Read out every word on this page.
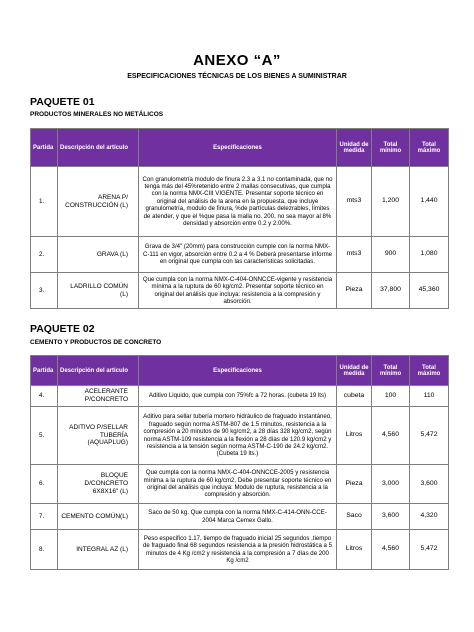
ANEXO “A”
ESPECIFICACIONES TÉCNICAS DE LOS BIENES A SUMINISTRAR
PAQUETE 01
PRODUCTOS MINERALES NO METÁLICOS
Partida	Descripción del artículo	Especificaciones	Unidad de medida	Total mínimo	Total máximo
1.	ARENA P/ CONSTRUCCIÓN (L)	Con granulometría modulo de finura 2.3 a 3.1 no contaminada, que no tenga más del 45%retenido entre 2 mallas consecutivas, que cumpla con la norma NMX-CIII VIGENTE. Presentar soporte técnico en original del análisis de la arena en la propuesta, que incluye granulometría, modulo de finura, %de partículas delezrables, límites de atender, y que el %que pasa la malla no. 200, no sea mayor al 8% densidad y absorción entre 0.2 y 2.00%.	mts3	1,200	1,440
2.	GRAVA (L)	Grava de 3/4" (20mm) para construcción cumple con la norma NMX-C-111 en vigor, absorción entre 0.2 a 4 % Deberá presentarse informe en original que cumpla con las características solicitadas.	mts3	900	1,080
3.	LADRILLO COMÚN (L)	Que cumpla con la norma NMX-C-404-ONNCCE-vigente y resistencia mínima a la ruptura de 60 kg/cm2. Presentar soporte técnico en original del análisis que incluya: resistencia a la compresión y absorción.	Pieza	37,800	45,360
PAQUETE 02
CEMENTO Y PRODUCTOS DE CONCRETO
Partida	Descripción del artículo	Especificaciones	Unidad de medida	Total mínimo	Total máximo
4.	ACELERANTE P/CONCRETO	Aditivo Liquido, que cumpla con 75%fc a 72 horas. (cubeta 19 lts)	cubeta	100	110
5.	ADITIVO P/SELLAR TUBERÍA (AQUAPLUG)	Aditivo para sellar tubería mortero hidráulico de fraguado instantáneo, fraguado según norma ASTM-807 de 1.5 minutos, resistencia a la compresión a 20 minutos de 90 kg/cm2, a 28 días 328 kg/cm2, según norma ASTM-109 resistencia a la flexión a 28 días de 120.9 kg/cm2 y resistencia a la tensión según norma ASTM-C-190 de 24.2 kg/cm2. (Cubeta 19 lts.)	Litros	4,560	5,472
6.	BLOQUE D/CONCRETO 6X8X16" (L)	Que cumpla con la norma NMX-C-404-ONNCCE-2005 y resistencia mínima a la ruptura de 60 kg/cm2. Debe presentar soporte técnico en original del análisis que incluya: Modulo de ruptura, resistencia a la compresión y absorción.	Pieza	3,000	3,600
7.	CEMENTO COMÚN(L)	Saco de 50 kg. Que cumpla con la norma NMX-C-414-ONN-CCE-2004 Marca Cemex Gallo.	Saco	3,600	4,320
8.	INTEGRAL AZ (L)	Peso especifico 1.17, tiempo de fraguado inicial 25 segundos ,tiempo de fraguado final 68 segundos resistencia a la presión hidrostática a 5 minutos de 4 Kg /cm2 y resistencia a la compresión a 7 días de 200 Kg /cm2	Litros	4,560	5,472
